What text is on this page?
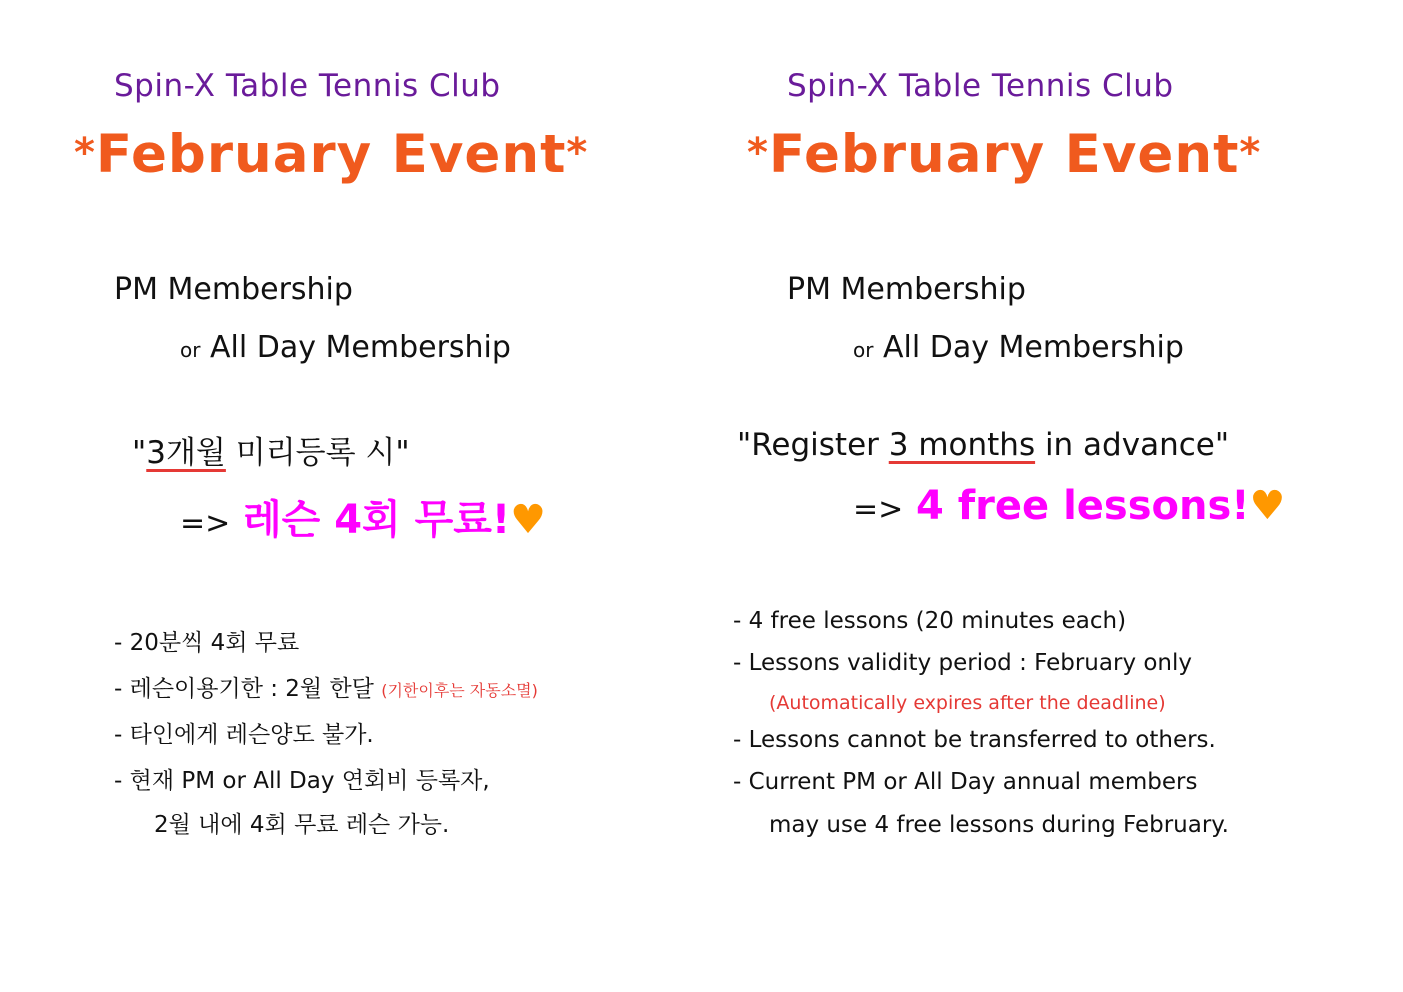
Spin-X Table Tennis Club
*February Event*
PM Membership
or All Day Membership
"3개월 미리등록 시"
=> 레슨 4회 무료!♥
- 20분씩 4회 무료
- 레슨이용기한 : 2월 한달 (기한이후는 자동소멸)
- 타인에게 레슨양도 불가.
- 현재 PM or All Day 연회비 등록자,
2월 내에 4회 무료 레슨 가능.
Spin-X Table Tennis Club
*February Event*
PM Membership
or All Day Membership
"Register 3 months in advance"
=> 4 free lessons!♥
- 4 free lessons (20 minutes each)
- Lessons validity period : February only
(Automatically expires after the deadline)
- Lessons cannot be transferred to others.
- Current PM or All Day annual members
may use 4 free lessons during February.
